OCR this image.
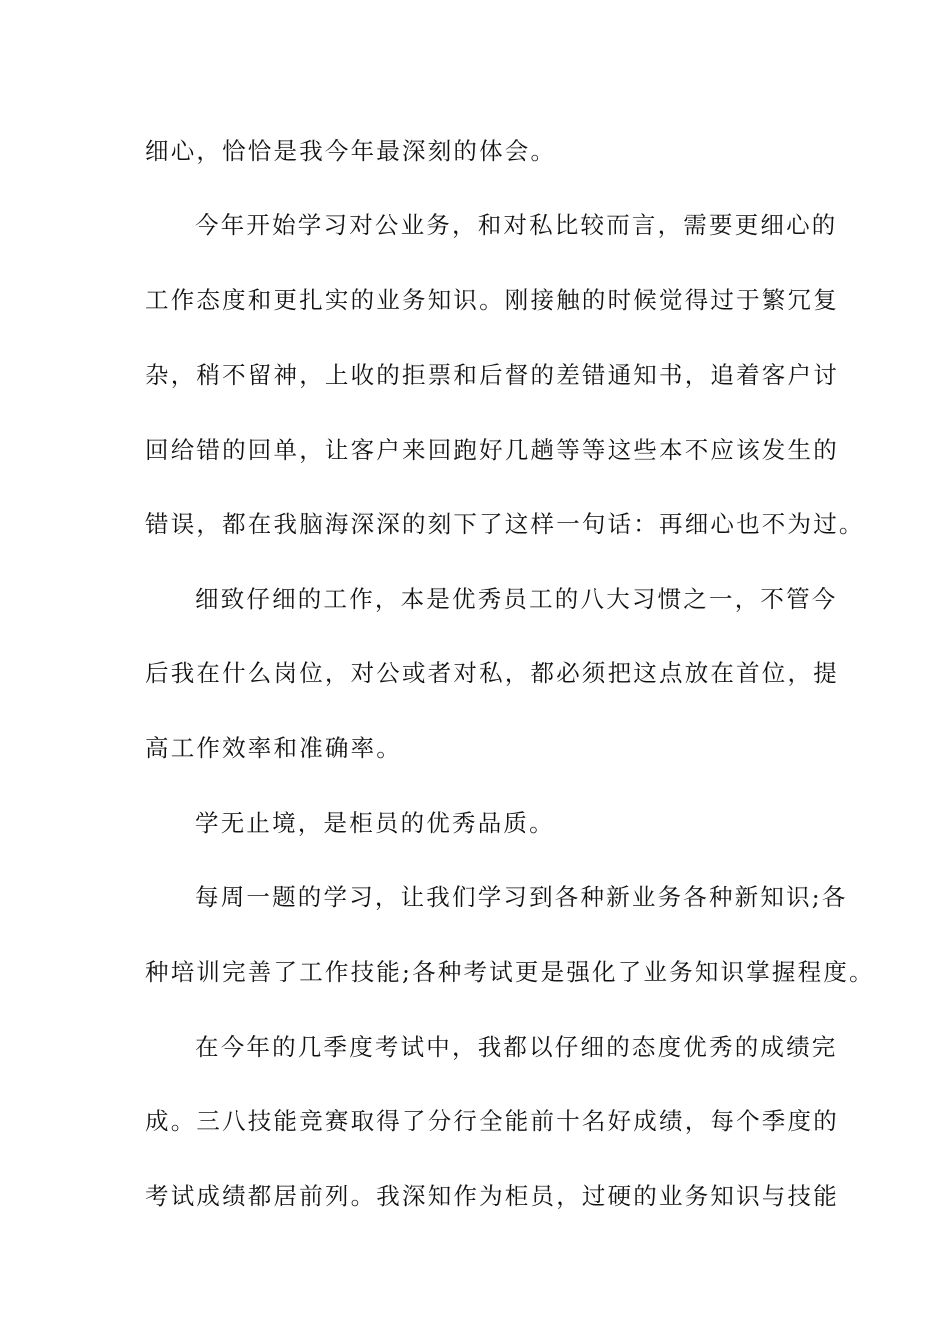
细心，恰恰是我今年最深刻的体会。
今年开始学习对公业务，和对私比较而言，需要更细心的
工作态度和更扎实的业务知识。刚接触的时候觉得过于繁冗复
杂，稍不留神，上收的拒票和后督的差错通知书，追着客户讨
回给错的回单，让客户来回跑好几趟等等这些本不应该发生的
错误，都在我脑海深深的刻下了这样一句话：再细心也不为过。
细致仔细的工作，本是优秀员工的八大习惯之一，不管今
后我在什么岗位，对公或者对私，都必须把这点放在首位，提
高工作效率和准确率。
学无止境，是柜员的优秀品质。
每周一题的学习，让我们学习到各种新业务各种新知识;各
种培训完善了工作技能;各种考试更是强化了业务知识掌握程度。
在今年的几季度考试中，我都以仔细的态度优秀的成绩完
成。三八技能竞赛取得了分行全能前十名好成绩，每个季度的
考试成绩都居前列。我深知作为柜员，过硬的业务知识与技能
